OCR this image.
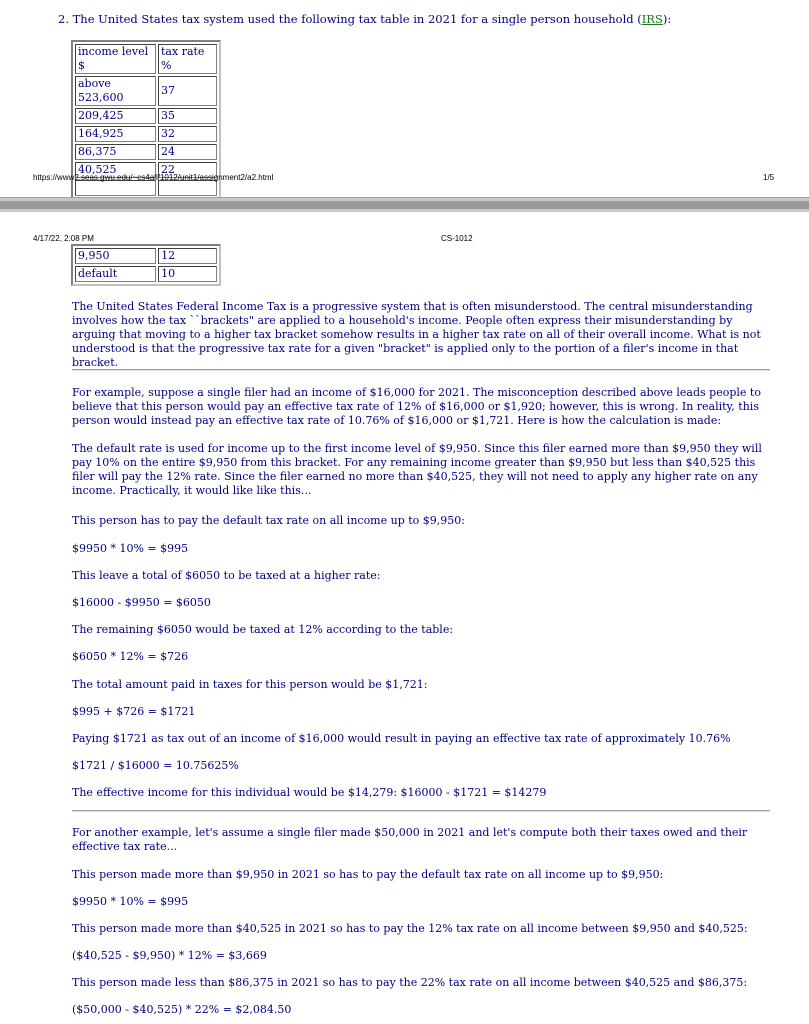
2. The United States tax system used the following tax table in 2021 for a single person household (IRS):
income level $	tax rate %
above 523,600	37
209,425	35
164,925	32
86,375	24
40,525	22

https://www2.seas.gwu.edu/~cs4all/1012/unit1/assignment2/a2.html	1/5
4/17/22, 2:08 PM	CS-1012
9,950	12
default	10
The United States Federal Income Tax is a progressive system that is often misunderstood. The central misunderstanding involves how the tax ``brackets" are applied to a household's income. People often express their misunderstanding by arguing that moving to a higher tax bracket somehow results in a higher tax rate on all of their overall income. What is not understood is that the progressive tax rate for a given "bracket" is applied only to the portion of a filer's income in that bracket.
For example, suppose a single filer had an income of $16,000 for 2021. The misconception described above leads people to believe that this person would pay an effective tax rate of 12% of $16,000 or $1,920; however, this is wrong. In reality, this person would instead pay an effective tax rate of 10.76% of $16,000 or $1,721. Here is how the calculation is made:
The default rate is used for income up to the first income level of $9,950. Since this filer earned more than $9,950 they will pay 10% on the entire $9,950 from this bracket. For any remaining income greater than $9,950 but less than $40,525 this filer will pay the 12% rate. Since the filer earned no more than $40,525, they will not need to apply any higher rate on any income. Practically, it would like like this...
This person has to pay the default tax rate on all income up to $9,950:
$9950 * 10% = $995
This leave a total of $6050 to be taxed at a higher rate:
$16000 - $9950 = $6050
The remaining $6050 would be taxed at 12% according to the table:
$6050 * 12% = $726
The total amount paid in taxes for this person would be $1,721:
$995 + $726 = $1721
Paying $1721 as tax out of an income of $16,000 would result in paying an effective tax rate of approximately 10.76%
$1721 / $16000 = 10.75625%
The effective income for this individual would be $14,279: $16000 - $1721 = $14279
For another example, let's assume a single filer made $50,000 in 2021 and let's compute both their taxes owed and their effective tax rate...
This person made more than $9,950 in 2021 so has to pay the default tax rate on all income up to $9,950:
$9950 * 10% = $995
This person made more than $40,525 in 2021 so has to pay the 12% tax rate on all income between $9,950 and $40,525:
($40,525 - $9,950) * 12% = $3,669
This person made less than $86,375 in 2021 so has to pay the 22% tax rate on all income between $40,525 and $86,375:
($50,000 - $40,525) * 22% = $2,084.50
